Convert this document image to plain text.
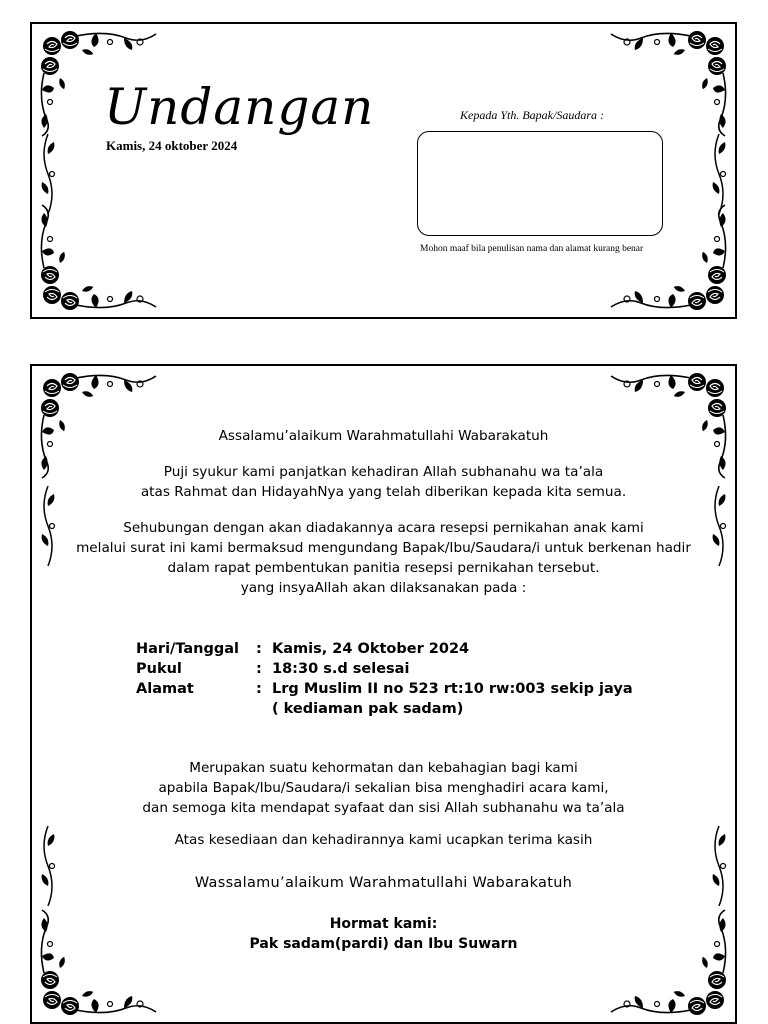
Undangan
Kamis, 24 oktober 2024
Kepada Yth. Bapak/Saudara :
Mohon maaf bila penulisan nama dan alamat kurang benar
Assalamu’alaikum Warahmatullahi Wabarakatuh
Puji syukur kami panjatkan kehadiran Allah subhanahu wa ta’ala
atas Rahmat dan HidayahNya yang telah diberikan kepada kita semua.
Sehubungan dengan akan diadakannya acara resepsi pernikahan anak kami
melalui surat ini kami bermaksud mengundang Bapak/Ibu/Saudara/i untuk berkenan hadir
dalam rapat pembentukan panitia resepsi pernikahan tersebut.
yang insyaAllah akan dilaksanakan pada :
Hari/Tanggal	: Kamis, 24 Oktober 2024
Pukul	: 18:30 s.d selesai
Alamat	: Lrg Muslim II no 523 rt:10 rw:003 sekip jaya
( kediaman pak sadam)
Merupakan suatu kehormatan dan kebahagian bagi kami
apabila Bapak/Ibu/Saudara/i sekalian bisa menghadiri acara kami,
dan semoga kita mendapat syafaat dan sisi Allah subhanahu wa ta’ala
Atas kesediaan dan kehadirannya kami ucapkan terima kasih
Wassalamu’alaikum Warahmatullahi Wabarakatuh
Hormat kami:
Pak sadam(pardi) dan Ibu Suwarn
